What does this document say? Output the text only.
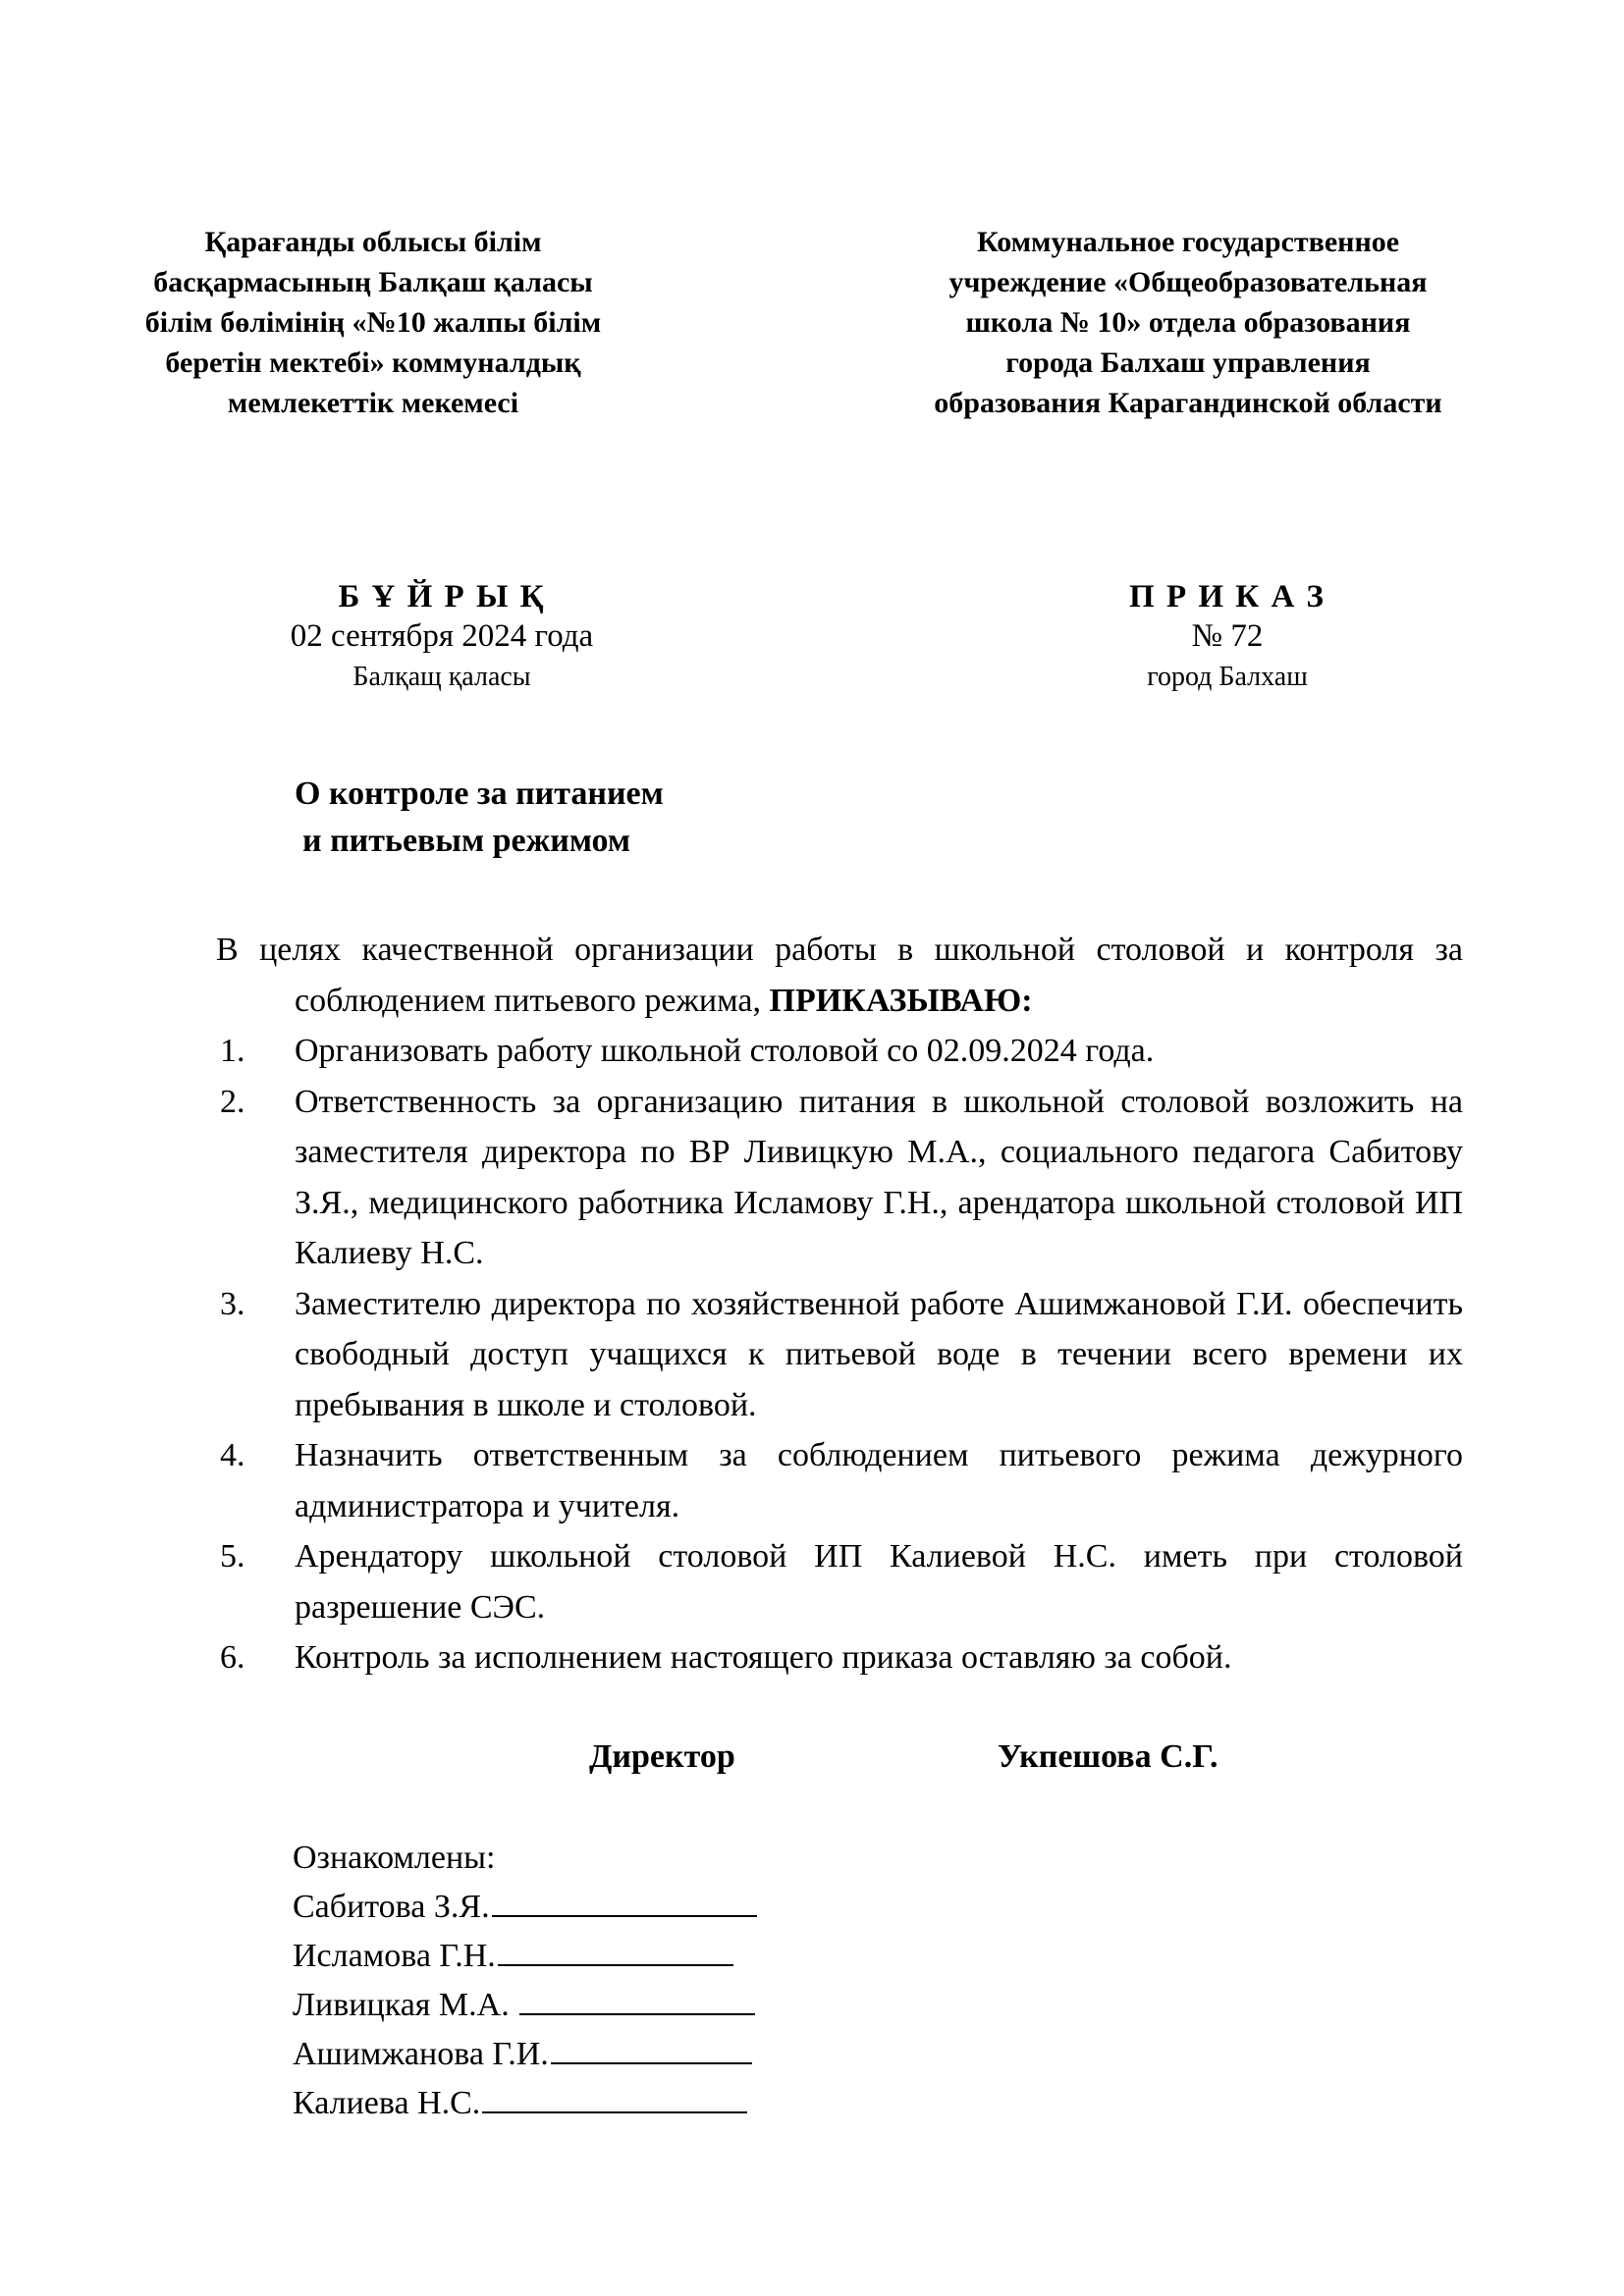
Қарағанды облысы білім
басқармасының Балқаш қаласы
білім бөлімінің «№10 жалпы білім
беретін мектебі» коммуналдық
мемлекеттік мекемесі
Коммунальное государственное
учреждение «Общеобразовательная
школа № 10» отдела образования
города Балхаш управления
образования Карагандинской области
Б Ұ Й Р Ы Қ
02 сентября 2024 года
Балқащ қаласы
П Р И К А З
№ 72
город Балхаш
О контроле за питанием
и питьевым режимом

В целях качественной организации работы в школьной столовой и контроля за соблюдением питьевого режима, ПРИКАЗЫВАЮ:

1.	Организовать работу школьной столовой со 02.09.2024 года.
2.	Ответственность за организацию питания в школьной столовой возложить на заместителя директора по ВР Ливицкую М.А., социального педагога Сабитову З.Я., медицинского работника Исламову Г.Н., арендатора школьной столовой ИП Калиеву Н.С.
3.	Заместителю директора по хозяйственной работе Ашимжановой Г.И. обеспечить свободный доступ учащихся к питьевой воде в течении всего времени их пребывания в школе и столовой.
4.	Назначить ответственным за соблюдением питьевого режима дежурного администратора и учителя.
5.	Арендатору школьной столовой ИП Калиевой Н.С. иметь при столовой разрешение СЭС.
6.	Контроль за исполнением настоящего приказа оставляю за собой.
Директор	Укпешова С.Г.
Ознакомлены:
Сабитова З.Я.
Исламова Г.Н.
Ливицкая М.А.
Ашимжанова Г.И.
Калиева Н.С.
